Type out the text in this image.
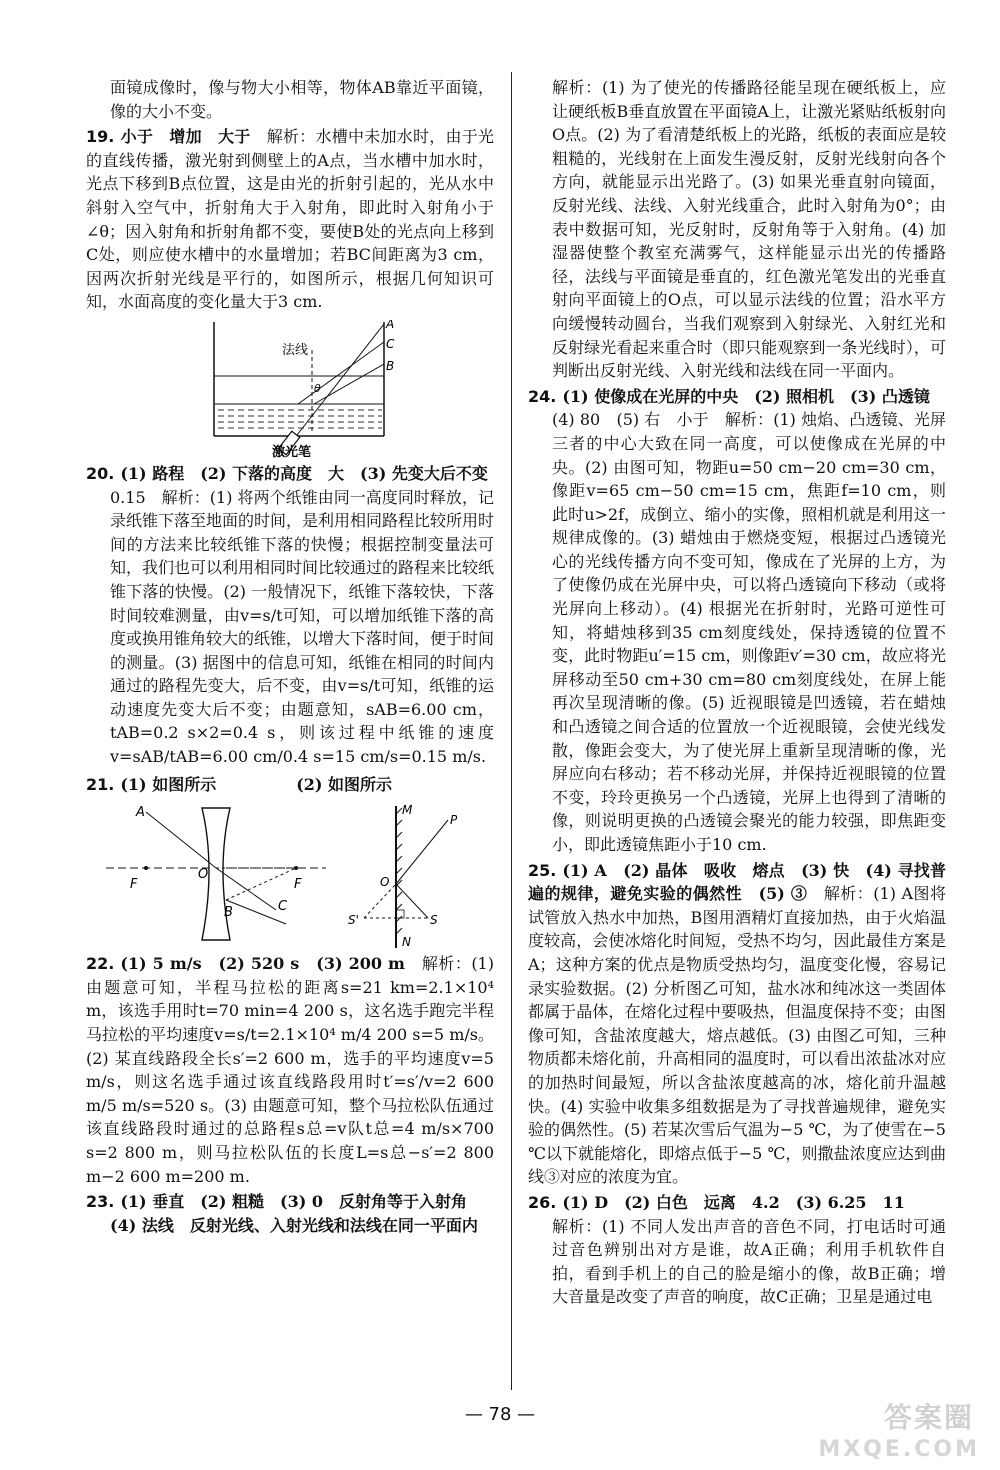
面镜成像时，像与物大小相等，物体AB靠近平面镜，像的大小不变。

19. 小于　增加　大于　 解析：水槽中未加水时，由于光的直线传播，激光射到侧壁上的A点，当水槽中加水时，光点下移到B点位置，这是由光的折射引起的，光从水中斜射入空气中，折射角大于入射角，即此时入射角小于∠θ；因入射角和折射角都不变，要使B处的光点向上移到C处，则应使水槽中的水量增加；若BC间距离为3 cm，因两次折射光线是平行的，如图所示，根据几何知识可知，水面高度的变化量大于3 cm.

法线
A
C
B
θ
激光笔

20. (1) 路程　(2) 下落的高度　大　(3) 先变大后不变

0.15　解析：(1) 将两个纸锥由同一高度同时释放，记录纸锥下落至地面的时间，是利用相同路程比较所用时间的方法来比较纸锥下落的快慢；根据控制变量法可知，我们也可以利用相同时间比较通过的路程来比较纸锥下落的快慢。(2) 一般情况下，纸锥下落较快，下落时间较难测量，由v=s/t可知，可以增加纸锥下落的高度或换用锥角较大的纸锥，以增大下落时间，便于时间的测量。(3) 据图中的信息可知，纸锥在相同的时间内通过的路程先变大，后不变，由v=s/t可知，纸锥的运动速度先变大后不变；由题意知，sAB=6.00 cm，tAB=0.2 s×2=0.4 s，则该过程中纸锥的速度v=sAB/tAB=6.00 cm/0.4 s=15 cm/s=0.15 m/s.

21. (1) 如图所示	(2) 如图所示

A
F
O
F
B	C
M
P
O
S'	S
N

22. (1) 5 m/s　(2) 520 s　(3) 200 m　 解析：(1) 由题意可知，半程马拉松的距离s=21 km=2.1×10⁴ m，该选手用时t=70 min=4 200 s，这名选手跑完半程马拉松的平均速度v=s/t=2.1×10⁴ m/4 200 s=5 m/s。(2) 某直线路段全长s′=2 600 m，选手的平均速度v=5 m/s，则这名选手通过该直线路段用时t′=s′/v=2 600 m/5 m/s=520 s。(3) 由题意可知，整个马拉松队伍通过该直线路段时通过的总路程s总=v队t总=4 m/s×700 s=2 800 m，则马拉松队伍的长度L=s总−s′=2 800 m−2 600 m=200 m.

23. (1) 垂直　(2) 粗糙　(3) 0　反射角等于入射角

(4) 法线　反射光线、入射光线和法线在同一平面内

解析：(1) 为了使光的传播路径能呈现在硬纸板上，应让硬纸板B垂直放置在平面镜A上，让激光紧贴纸板射向O点。(2) 为了看清楚纸板上的光路，纸板的表面应是较粗糙的，光线射在上面发生漫反射，反射光线射向各个方向，就能显示出光路了。(3) 如果光垂直射向镜面，反射光线、法线、入射光线重合，此时入射角为0°；由表中数据可知，光反射时，反射角等于入射角。(4) 加湿器使整个教室充满雾气，这样能显示出光的传播路径，法线与平面镜是垂直的，红色激光笔发出的光垂直射向平面镜上的O点，可以显示法线的位置；沿水平方向缓慢转动圆台，当我们观察到入射绿光、入射红光和反射绿光看起来重合时（即只能观察到一条光线时），可判断出反射光线、入射光线和法线在同一平面内。

24. (1) 使像成在光屏的中央　(2) 照相机　(3) 凸透镜

(4) 80　(5) 右　小于　解析：(1) 烛焰、凸透镜、光屏三者的中心大致在同一高度，可以使像成在光屏的中央。(2) 由图可知，物距u=50 cm−20 cm=30 cm，像距v=65 cm−50 cm=15 cm，焦距f=10 cm，则此时u>2f，成倒立、缩小的实像，照相机就是利用这一规律成像的。(3) 蜡烛由于燃烧变短，根据过凸透镜光心的光线传播方向不变可知，像成在了光屏的上方，为了使像仍成在光屏中央，可以将凸透镜向下移动（或将光屏向上移动）。(4) 根据光在折射时，光路可逆性可知，将蜡烛移到35 cm刻度线处，保持透镜的位置不变，此时物距u′=15 cm，则像距v′=30 cm，故应将光屏移动至50 cm+30 cm=80 cm刻度线处，在屏上能再次呈现清晰的像。(5) 近视眼镜是凹透镜，若在蜡烛和凸透镜之间合适的位置放一个近视眼镜，会使光线发散，像距会变大，为了使光屏上重新呈现清晰的像，光屏应向右移动；若不移动光屏，并保持近视眼镜的位置不变，玲玲更换另一个凸透镜，光屏上也得到了清晰的像，则说明更换的凸透镜会聚光的能力较强，即焦距变小，即此透镜焦距小于10 cm.

25. (1) A　(2) 晶体　吸收　熔点　(3) 快　(4) 寻找普遍的规律，避免实验的偶然性　(5) ③　 解析：(1) A图将试管放入热水中加热，B图用酒精灯直接加热，由于火焰温度较高，会使冰熔化时间短，受热不均匀，因此最佳方案是A；这种方案的优点是物质受热均匀，温度变化慢，容易记录实验数据。(2) 分析图乙可知，盐水冰和纯冰这一类固体都属于晶体，在熔化过程中要吸热，但温度保持不变；由图像可知，含盐浓度越大，熔点越低。(3) 由图乙可知，三种物质都未熔化前，升高相同的温度时，可以看出浓盐冰对应的加热时间最短，所以含盐浓度越高的冰，熔化前升温越快。(4) 实验中收集多组数据是为了寻找普遍规律，避免实验的偶然性。(5) 若某次雪后气温为−5 ℃，为了使雪在−5 ℃以下就能熔化，即熔点低于−5 ℃，则撒盐浓度应达到曲线③对应的浓度为宜。

26. (1) D　(2) 白色　远离　4.2　(3) 6.25　11

解析：(1) 不同人发出声音的音色不同，打电话时可通过音色辨别出对方是谁，故A正确；利用手机软件自拍，看到手机上的自己的脸是缩小的像，故B正确；增大音量是改变了声音的响度，故C正确；卫星是通过电

— 78 —	答案圈
MXQE.COM
